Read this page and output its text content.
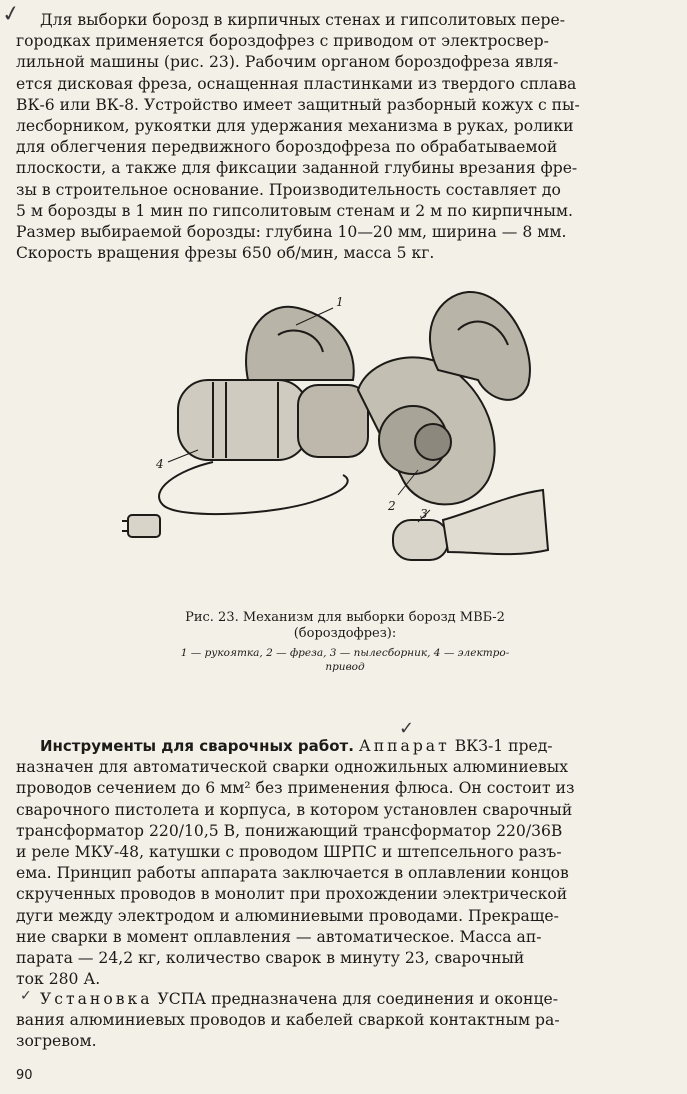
✓
✓
✓

Для выборки борозд в кирпичных стенах и гипсолитовых пере-
городках применяется бороздофрез с приводом от электросвер-
лильной машины (рис. 23). Рабочим органом бороздофреза явля-
ется дисковая фреза, оснащенная пластинками из твердого сплава
ВК-6 или ВК-8. Устройство имеет защитный разборный кожух с пы-
лесборником, рукоятки для удержания механизма в руках, ролики
для облегчения передвижного бороздофреза по обрабатываемой
плоскости, а также для фиксации заданной глубины врезания фре-
зы в строительное основание. Производительность составляет до
5 м борозды в 1 мин по гипсолитовым стенам и 2 м по кирпичным.
Размер выбираемой борозды: глубина 10—20 мм, ширина — 8 мм.
Скорость вращения фрезы 650 об/мин, масса 5 кг.

1
2
3
4
Рис. 23. Механизм для выборки борозд МВБ-2
(бороздофрез):
1 — рукоятка, 2 — фреза, 3 — пылесборник, 4 — электро-
привод

Инструменты для сварочных работ. Аппарат ВКЗ-1 пред-
назначен для автоматической сварки одножильных алюминиевых
проводов сечением до 6 мм² без применения флюса. Он состоит из
сварочного пистолета и корпуса, в котором установлен сварочный
трансформатор 220/10,5 В, понижающий трансформатор 220/36В
и реле МКУ-48, катушки с проводом ШРПС и штепсельного разъ-
ема. Принцип работы аппарата заключается в оплавлении концов
скрученных проводов в монолит при прохождении электрической
дуги между электродом и алюминиевыми проводами. Прекраще-
ние сварки в момент оплавления — автоматическое. Масса ап-
парата — 24,2 кг, количество сварок в минуту 23, сварочный
ток 280 А.

Установка УСПА предназначена для соединения и оконце-
вания алюминиевых проводов и кабелей сваркой контактным ра-
зогревом.

90
